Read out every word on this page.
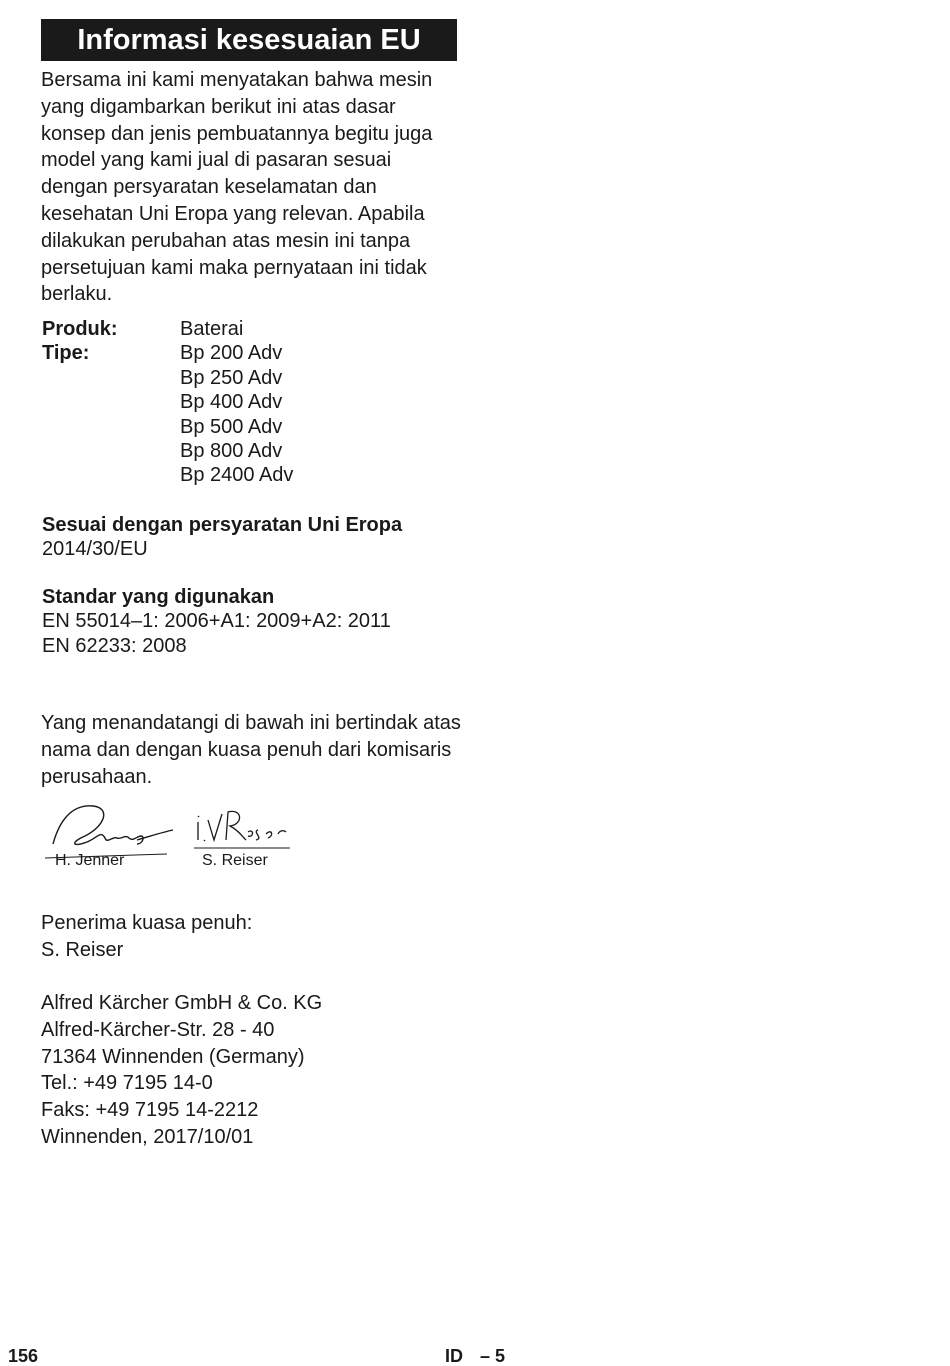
Informasi kesesuaian EU

Bersama ini kami menyatakan bahwa mesin yang digambarkan berikut ini atas dasar konsep dan jenis pembuatannya begitu juga model yang kami jual di pasaran sesuai dengan persyaratan keselamatan dan kesehatan Uni Eropa yang relevan. Apabila dilakukan perubahan atas mesin ini tanpa persetujuan kami maka pernyataan ini tidak berlaku.

Produk:	Baterai
Tipe:	Bp 200 Adv
Bp 250 Adv
Bp 400 Adv
Bp 500 Adv
Bp 800 Adv
Bp 2400 Adv
Sesuai dengan persyaratan Uni Eropa
2014/30/EU
Standar yang digunakan
EN 55014–1: 2006+A1: 2009+A2: 2011
EN 62233: 2008

Yang menandatangi di bawah ini bertindak atas nama dan dengan kuasa penuh dari komisaris perusahaan.

H. Jenner	S. Reiser
Penerima kuasa penuh:
S. Reiser
Alfred Kärcher GmbH & Co. KG
Alfred-Kärcher-Str. 28 - 40
71364 Winnenden (Germany)
Tel.: +49 7195 14-0
Faks: +49 7195 14-2212
Winnenden, 2017/10/01
156	ID – 5
